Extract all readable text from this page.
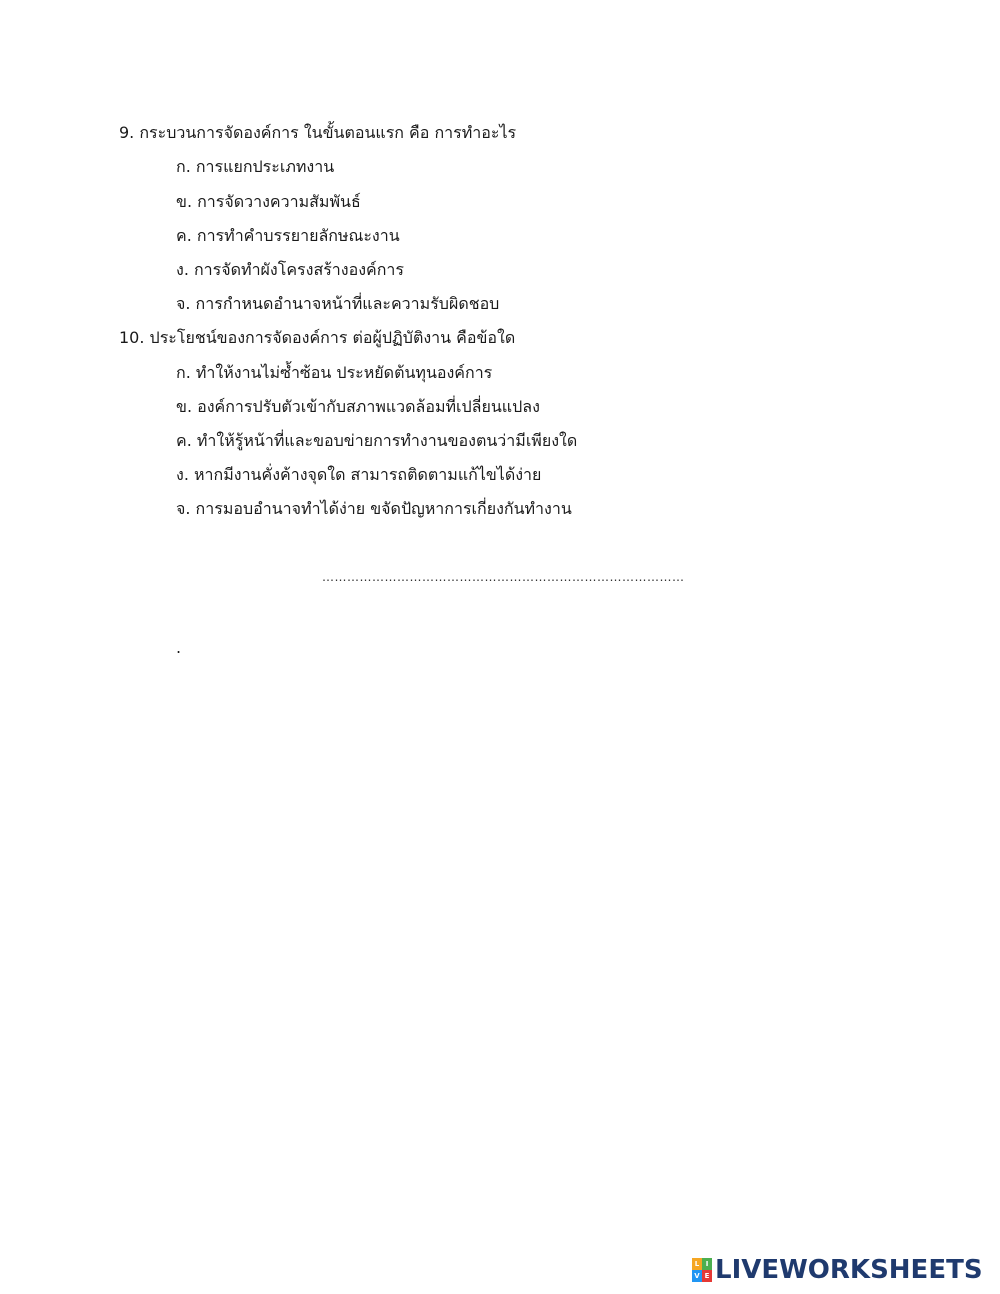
9. กระบวนการจัดองค์การ ในขั้นตอนแรก คือ การทำอะไร
ก. การแยกประเภทงาน
ข. การจัดวางความสัมพันธ์
ค. การทำคำบรรยายลักษณะงาน
ง. การจัดทำผังโครงสร้างองค์การ
จ. การกำหนดอำนาจหน้าที่และความรับผิดชอบ
10. ประโยชน์ของการจัดองค์การ ต่อผู้ปฏิบัติงาน คือข้อใด
ก. ทำให้งานไม่ซ้ำซ้อน ประหยัดต้นทุนองค์การ
ข. องค์การปรับตัวเข้ากับสภาพแวดล้อมที่เปลี่ยนแปลง
ค. ทำให้รู้หน้าที่และขอบข่ายการทำงานของตนว่ามีเพียงใด
ง. หากมีงานคั่งค้างจุดใด สามารถติดตามแก้ไขได้ง่าย
จ. การมอบอำนาจทำได้ง่าย ขจัดปัญหาการเกี่ยงกันทำงาน
……………………………………………………………………………
.
L I
V E LIVEWORKSHEETS
